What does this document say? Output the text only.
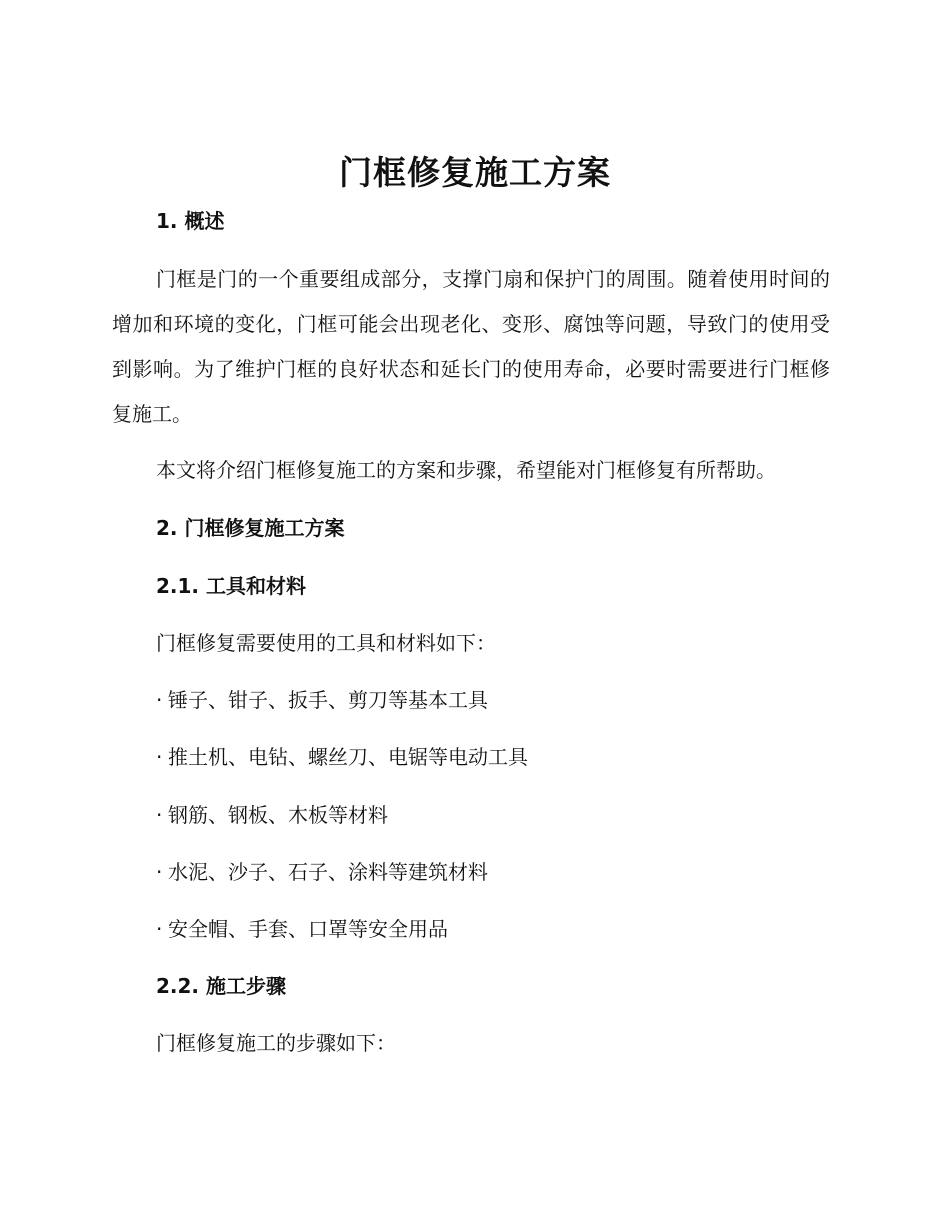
门框修复施工方案
1. 概述
门框是门的一个重要组成部分，支撑门扇和保护门的周围。随着使用时间的增加和环境的变化，门框可能会出现老化、变形、腐蚀等问题，导致门的使用受到影响。为了维护门框的良好状态和延长门的使用寿命，必要时需要进行门框修复施工。
本文将介绍门框修复施工的方案和步骤，希望能对门框修复有所帮助。
2. 门框修复施工方案
2.1. 工具和材料
门框修复需要使用的工具和材料如下：
· 锤子、钳子、扳手、剪刀等基本工具
· 推土机、电钻、螺丝刀、电锯等电动工具
· 钢筋、钢板、木板等材料
· 水泥、沙子、石子、涂料等建筑材料
· 安全帽、手套、口罩等安全用品
2.2. 施工步骤
门框修复施工的步骤如下：
